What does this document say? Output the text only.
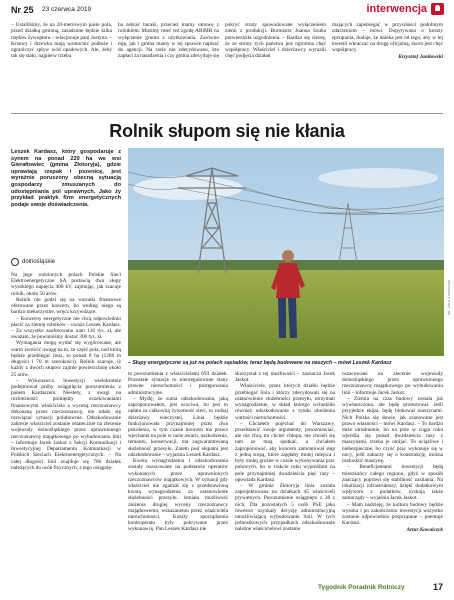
Nr 25 23 czerwca 2019	interwencja
– Ustaliliśmy, że na 20-metrowym pasie pola, przed działką gminną, zasadzone będzie kilka rzędów żywopłotu – relacjonuje pani Justyna. – Krzewy i drzewka mają wzmocnić podłoże i ograniczyć spływ wód opadowych. Ale, żeby tak się stało, najpierw trzeba
ba zebrać buraki, przecież mamy umowę z rolnikiem. Musimy mieć też zgodę ARiMR na wyłączenie gruntu z użytkowania. Zarówno mję, jak i gmina mamy w tej sprawie napisać do agencji. Na razie nie zdecydowano, kto zapłaci za nasadzenia i czy gmina zdecyduje się
pokryć straty spowodowane wyłączeniem ziemi z produkcji. Burmistrz Joanna Szuka potwierdziła uzgodnienia. – Bardzo się cieszę, że ze strony tych państwa jest ogromna chęć współpracy. Właściciel i dzierżawcy wyrazili chęć podjęcia działań
mających zapobiegać w przyszłości podobnym zdarzeniom – mówi. Dopytywana o koszty sprzątania, dodaje, że dalekа jest od tego, aby w tej kwestii wkraczać na drogę oficjalną, skoro jest chęć współpracy.
Krzysztof Janiłowski
Rolnik słupom się nie kłania
Leszek Kardasz, który gospodaruje z synem na ponad 220 ha we wsi Gierałtowiec (gmina Złotoryja), gdzie uprawiają rzepak i pszenicę, jest wyraźnie poruszony obecną sytuacją gospodarzy zmuszanych do udostępniania pól uprawnych. Jako ży przykład praktyk firm energetycznych podaje swoje doświadczenia.
dolnośląskie
fot. Artur Kowalczyk
– Słupy energetyczne są już na polach sąsiadów, teraz będą budowane na naszych – mówi Leszek Kardasz

Na jego rodzinnych polach Polskie Sieci Elektroenergetyczne SA postawią dwa słupy wysokiego napięcia 400 kV, zajmując, jak szacuje rolnik, około 50 arów.

Rolnik nie godzi się na warunki finansowe oferowane przez koncern, bo według niego są bardzo niekorzystne, wręcz krzywdzące.

– Koncerny energetyczne nie chcą odpowiednio płacić za ziemię rolników – uważa Leszek Kardasz. – Za wszystko zaoferowano nam 116 tys. zł, ale uważam, że powinniśmy dostać 300 tys. zł.

Wymagania mogą wydać się wygórowane, ale warto zwrócić uwagę na to, że część pola, nad którą będzie przebiegać linia, to ponad 8 ha (1200 m długości i 70 m szerokości). Rolnik szacuje, iż każdy z dwóch słupów zajmie powierzchnię około 25 arów.

– Wykonawca inwestycji wielokrotnie podejmował próby osiągnięcia porozumienia z panem Kardaszem. Niestety, z uwagi na rozbieżności pomiędzy oczekiwaniami finansowymi właściciela a wyceną rzeczoznawcy dokonaną przez rzeczoznawcę, nie udało się rozwiązać sytuacji polubownie. Odszkodowanie zakresie właściciel zostanie ostatecznie na zlecenie wojewody dolnośląskiego przez uprawnionego rzeczoznawcę majątkowego po wybudowaniu linii – informuje Jacek Jaskot z Sekcji Komunikacji i Inwestycyjnej Departamentu Komunikacji w Polskich Sieciach Elektroenergetycznych. – Na całej długości linii znajduje się 786 działek należących do osób fizycznych, z tego osiągnię-

to porozumienia z właścicielami 693 działek. Pozostałe sytuacje to nieuregulowane stany prawne nieruchomości i postępowania administracyjne.

– Myślę, że suma odszkodowania, jaką zaproponowałem, jest uczciwa, bo jest to opłata za całkowitą żywotność sieci, to rodzaj dzierżawy wieczystej. Linia będzie funkcjonowała przynajmniej przez dwa pokolenia, w tym czasie koncern ma prawo wjechania na pole w razie awarii, uszkodzenia, remontu, konserwacji, ma zagwarantowaną służebność przesyłu. Zatem pod słupami jest odszkodowanie – wyjaśnia Leszek Kardasz.

Kwota wynagrodzenia i odszkodowania zostały oszacowane na podstawie operatów wykonanych przez uprawnionych rzeczoznawców majątkowych. W sytuacji gdy właściciel nie zgadzał się z przedstawioną kwotą wynagrodzenia za ustanowienie służebności przesyłu, istniała możliwość złożenia drugiej wyceny rzeczoznawcy majątkowemu, wskazanemu przez właściciela nieruchomości. Koszty sporządzenia kontroperatu były pokrywane przez wykonawcę. Pan Leszek Kardasz nie

skorzystał z tej możliwości – zaznacza Jacek Jaskot.

Właściciele, przez których działki będzie przebiegać linia i którzy zdecydowali się na ustanowienie służebności przesyłu, otrzymali wynagrodzenie, w skład którego wchodziło również odszkodowanie z tytułu obniżenia wartości nieruchomości.

– Chciałem pojechać do Warszawy, przedstawić swoje argumenty, porozmawiać, ale nie chcą mi chcieć chłopa, nie chcieli się tam ze mną spotkać, a chciałem zaproponować, aby koncern zamontował słup z jedną stopą, które zajęłaby mniej miejsca i były mniej groźne w czasie wykonywania prac polowych, bo w trakcie roku wyjeżdżam na pole przynajmniej dwadzieścia pięć razy – opowiada Kardasz.

– W gminie Złotoryja linia została zaprojektowana na działkach 45 właścicieli prywatnych. Porozumienie osiągnięto z 38 z nich. Dla pozostałych 5 osób PSE jako inwestor uzyskały decyzję administracyjną umożliwiającą wybudowanie linii. W tych jednostkowych przypadkach odszkodowanie należne właścicielowi zostanie

oszacowane na zlecenie wojewody dolnośląskiego przez uprawnionego rzeczoznawcę majątkowego po wybudowaniu linii – informuje Jacek Jaskot.

– Ziemia na czas budowy została już wywłaszczona, ale będę protestował. Jeśli przyjedzie ekipa, będę blokował maszynami. Nich Polska się dowie, jak szanowane jest prawo własności – mówi Kardasz. – To bardzo duże utrudnienie, bo na pole w ciągu roku wjeżdża się ponad dwadzieścia razy z maszynami, trzeba je omijać. To uciążliwe i niebezpieczne, bo czyść prac wykonuje się w nocy, jeśli zahaczy się o konstrukcję, można uszkodzić maszynę.

– Beneficjentami inwestycji będą mieszkańcy całego regionu, gdyż w sposób znaczący poprawi się stabilność zasilania. Na lokalizacji infrastruktury, dzięki dodatkowym wpływom z podatków, zyskają także samorządy – wyjaśnia Jacek Jaskot.

– Mam nadzieję, że kultura budowy będzie wysoka i po zakończeniu inwestycji wszystko zostanie odpowiednio posprzątane – puentuje Kardasz.

Artur Kowalczyk
Tygodnik Poradnik Rolniczy	17
